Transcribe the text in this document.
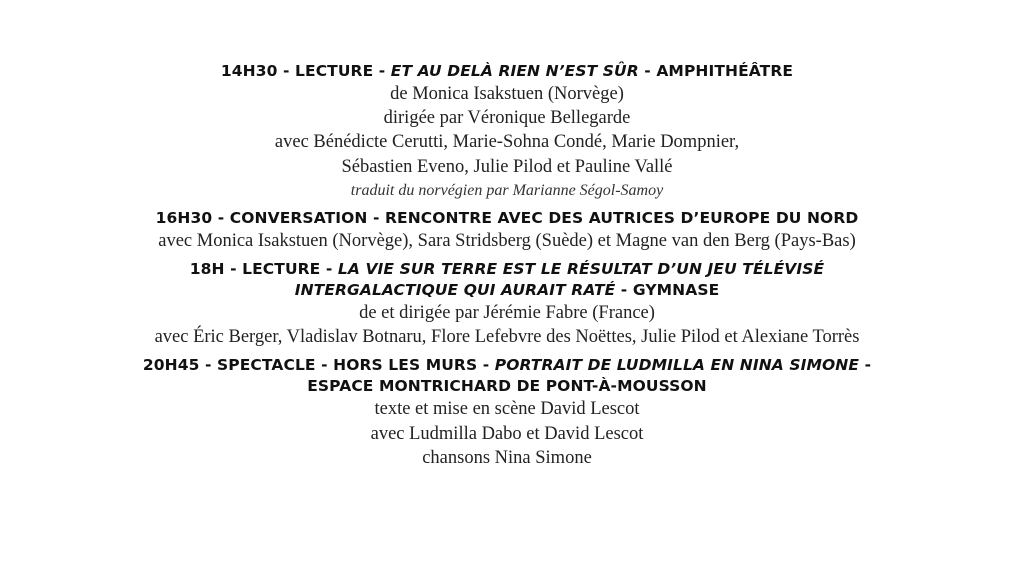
14H30 - LECTURE - ET AU DELÀ RIEN N’EST SÛR - AMPHITHÉÂTRE
de Monica Isakstuen (Norvège)
dirigée par Véronique Bellegarde
avec Bénédicte Cerutti, Marie-Sohna Condé, Marie Dompnier,
Sébastien Eveno, Julie Pilod et Pauline Vallé
traduit du norvégien par Marianne Ségol-Samoy
16H30 - CONVERSATION - RENCONTRE AVEC DES AUTRICES D’EUROPE DU NORD
avec Monica Isakstuen (Norvège), Sara Stridsberg (Suède) et Magne van den Berg (Pays-Bas)
18H - LECTURE - LA VIE SUR TERRE EST LE RÉSULTAT D’UN JEU TÉLÉVISÉ
INTERGALACTIQUE QUI AURAIT RATÉ - GYMNASE
de et dirigée par Jérémie Fabre (France)
avec Éric Berger, Vladislav Botnaru, Flore Lefebvre des Noëttes, Julie Pilod et Alexiane Torrès
20H45 - SPECTACLE - HORS LES MURS - PORTRAIT DE LUDMILLA EN NINA SIMONE -
ESPACE MONTRICHARD DE PONT-À-MOUSSON
texte et mise en scène David Lescot
avec Ludmilla Dabo et David Lescot
chansons Nina Simone
